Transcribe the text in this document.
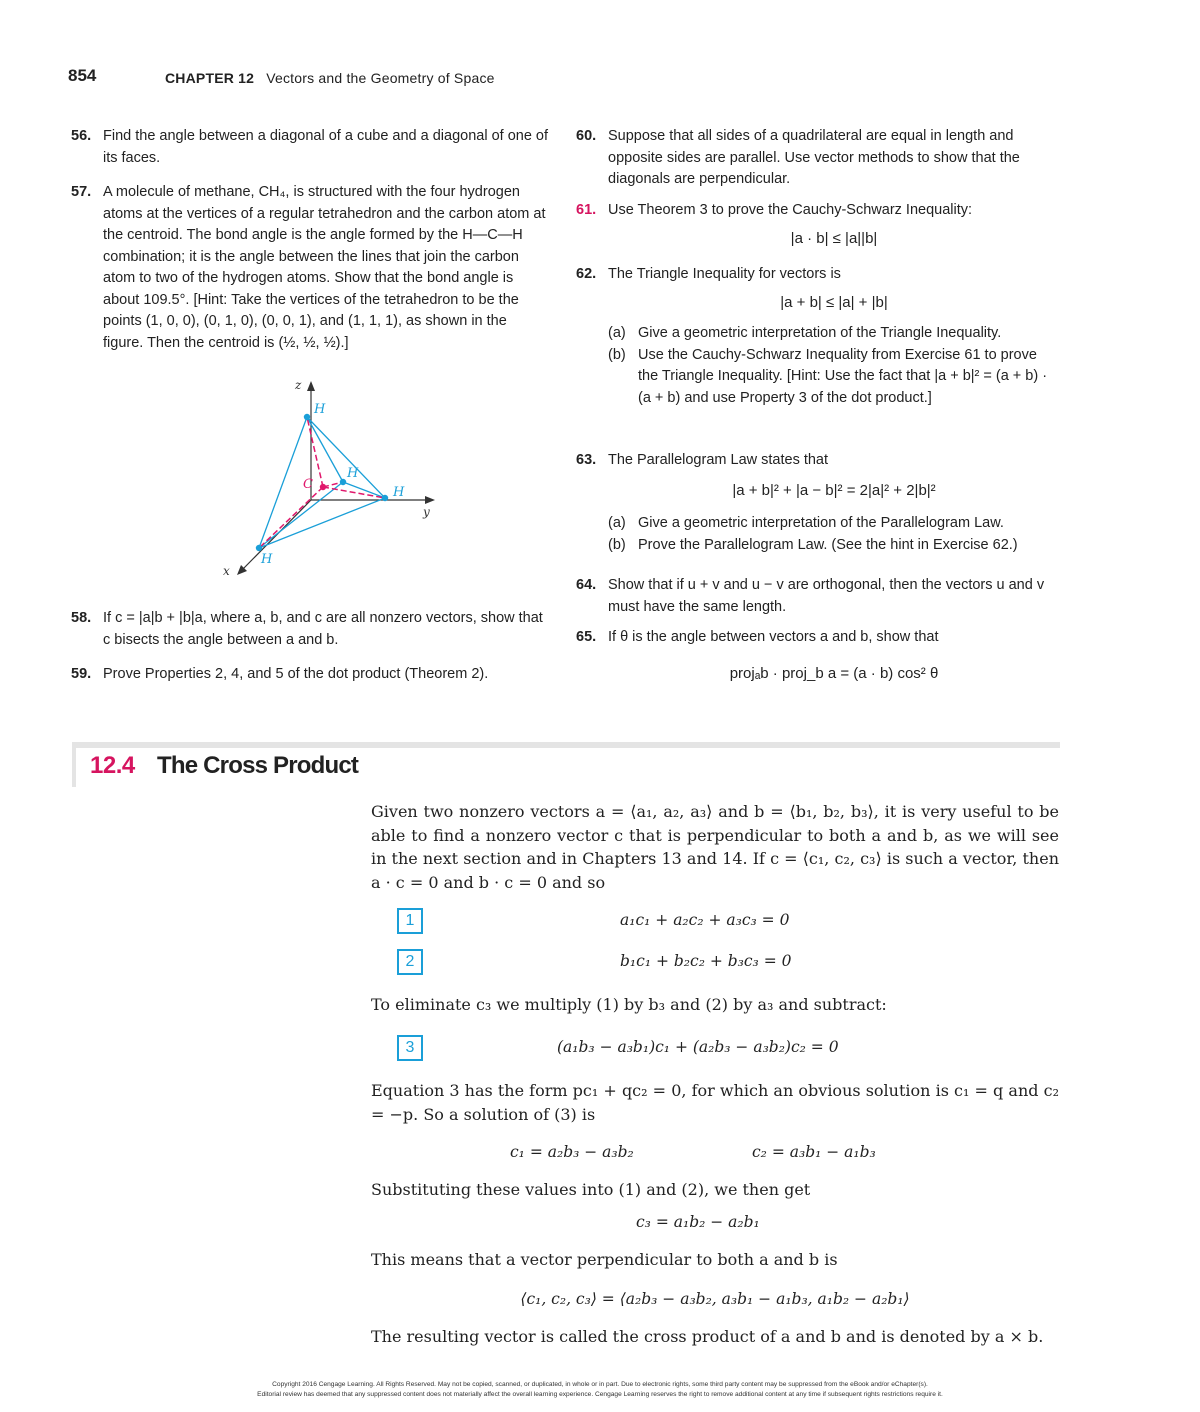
854	CHAPTER 12 Vectors and the Geometry of Space
56. Find the angle between a diagonal of a cube and a diagonal of one of its faces.

57. A molecule of methane, CH₄, is structured with the four hydrogen atoms at the vertices of a regular tetrahedron and the carbon atom at the centroid. The bond angle is the angle formed by the H—C—H combination; it is the angle between the lines that join the carbon atom to two of the hydrogen atoms. Show that the bond angle is about 109.5°. [Hint: Take the vertices of the tetrahedron to be the points (1, 0, 0), (0, 1, 0), (0, 0, 1), and (1, 1, 1), as shown in the figure. Then the centroid is (½, ½, ½).]

z
y
x
H
H
H
H
C
58. If c = |a|b + |b|a, where a, b, and c are all nonzero vectors, show that c bisects the angle between a and b.

59. Prove Properties 2, 4, and 5 of the dot product (Theorem 2).

60. Suppose that all sides of a quadrilateral are equal in length and opposite sides are parallel. Use vector methods to show that the diagonals are perpendicular.

61. Use Theorem 3 to prove the Cauchy-Schwarz Inequality:

|a · b| ≤ |a||b|

62. The Triangle Inequality for vectors is

|a + b| ≤ |a| + |b|

(a) Give a geometric interpretation of the Triangle Inequality.
(b) Use the Cauchy-Schwarz Inequality from Exercise 61 to prove the Triangle Inequality. [Hint: Use the fact that |a + b|² = (a + b) · (a + b) and use Property 3 of the dot product.]
63. The Parallelogram Law states that

|a + b|² + |a − b|² = 2|a|² + 2|b|²

(a) Give a geometric interpretation of the Parallelogram Law.
(b) Prove the Parallelogram Law. (See the hint in Exercise 62.)
64. Show that if u + v and u − v are orthogonal, then the vectors u and v must have the same length.

65. If θ is the angle between vectors a and b, show that

projₐb · proj_b a = (a · b) cos² θ

12.4 The Cross Product
Given two nonzero vectors a = ⟨a₁, a₂, a₃⟩ and b = ⟨b₁, b₂, b₃⟩, it is very useful to be able to find a nonzero vector c that is perpendicular to both a and b, as we will see in the next section and in Chapters 13 and 14. If c = ⟨c₁, c₂, c₃⟩ is such a vector, then a · c = 0 and b · c = 0 and so
1	a₁c₁ + a₂c₂ + a₃c₃ = 0
2	b₁c₁ + b₂c₂ + b₃c₃ = 0
To eliminate c₃ we multiply (1) by b₃ and (2) by a₃ and subtract:
3	(a₁b₃ − a₃b₁)c₁ + (a₂b₃ − a₃b₂)c₂ = 0
Equation 3 has the form pc₁ + qc₂ = 0, for which an obvious solution is c₁ = q and c₂ = −p. So a solution of (3) is
c₁ = a₂b₃ − a₃b₂	c₂ = a₃b₁ − a₁b₃
Substituting these values into (1) and (2), we then get
c₃ = a₁b₂ − a₂b₁
This means that a vector perpendicular to both a and b is
⟨c₁, c₂, c₃⟩ = ⟨a₂b₃ − a₃b₂, a₃b₁ − a₁b₃, a₁b₂ − a₂b₁⟩
The resulting vector is called the cross product of a and b and is denoted by a × b.
Copyright 2016 Cengage Learning. All Rights Reserved. May not be copied, scanned, or duplicated, in whole or in part. Due to electronic rights, some third party content may be suppressed from the eBook and/or eChapter(s).
Editorial review has deemed that any suppressed content does not materially affect the overall learning experience. Cengage Learning reserves the right to remove additional content at any time if subsequent rights restrictions require it.
